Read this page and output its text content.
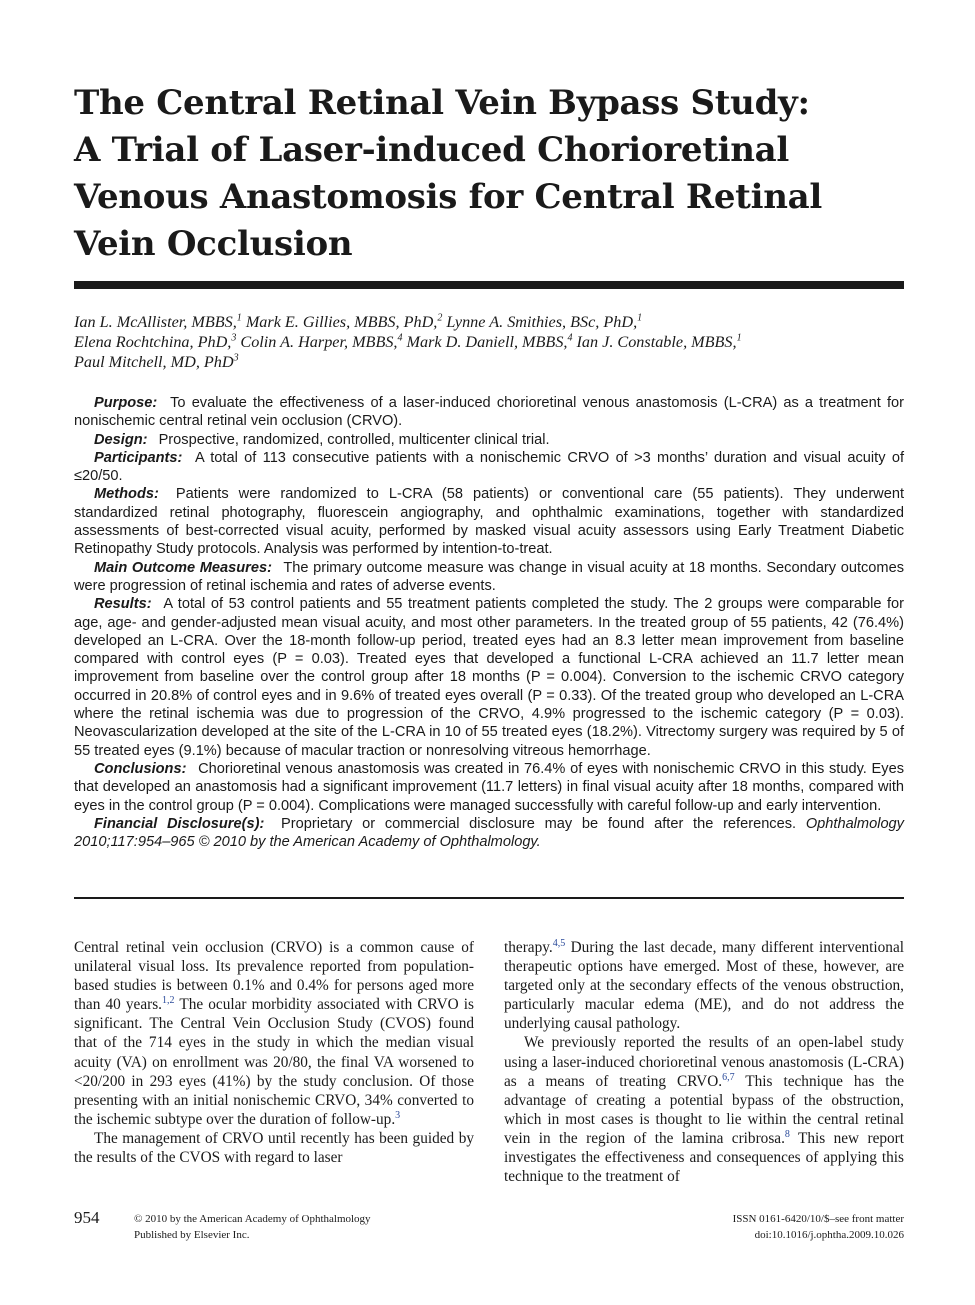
The Central Retinal Vein Bypass Study:
A Trial of Laser-induced Chorioretinal
Venous Anastomosis for Central Retinal
Vein Occlusion
Ian L. McAllister, MBBS,$^1$ Mark E. Gillies, MBBS, PhD,$^2$ Lynne A. Smithies, BSc, PhD,$^1$
Elena Rochtchina, PhD,$^3$ Colin A. Harper, MBBS,$^4$ Mark D. Daniell, MBBS,$^4$ Ian J. Constable, MBBS,$^1$
Paul Mitchell, MD, PhD$^3$

Purpose: To evaluate the effectiveness of a laser-induced chorioretinal venous anastomosis (L-CRA) as a treatment for nonischemic central retinal vein occlusion (CRVO).

Design: Prospective, randomized, controlled, multicenter clinical trial.

Participants: A total of 113 consecutive patients with a nonischemic CRVO of >3 months’ duration and visual acuity of ≤20/50.

Methods: Patients were randomized to L-CRA (58 patients) or conventional care (55 patients). They underwent standardized retinal photography, fluorescein angiography, and ophthalmic examinations, together with standardized assessments of best-corrected visual acuity, performed by masked visual acuity assessors using Early Treatment Diabetic Retinopathy Study protocols. Analysis was performed by intention-to-treat.

Main Outcome Measures: The primary outcome measure was change in visual acuity at 18 months. Secondary outcomes were progression of retinal ischemia and rates of adverse events.

Results: A total of 53 control patients and 55 treatment patients completed the study. The 2 groups were comparable for age, age- and gender-adjusted mean visual acuity, and most other parameters. In the treated group of 55 patients, 42 (76.4%) developed an L-CRA. Over the 18-month follow-up period, treated eyes had an 8.3 letter mean improvement from baseline compared with control eyes (P = 0.03). Treated eyes that developed a functional L-CRA achieved an 11.7 letter mean improvement from baseline over the control group after 18 months (P = 0.004). Conversion to the ischemic CRVO category occurred in 20.8% of control eyes and in 9.6% of treated eyes overall (P = 0.33). Of the treated group who developed an L-CRA where the retinal ischemia was due to progression of the CRVO, 4.9% progressed to the ischemic category (P = 0.03). Neovascularization developed at the site of the L-CRA in 10 of 55 treated eyes (18.2%). Vitrectomy surgery was required by 5 of 55 treated eyes (9.1%) because of macular traction or nonresolving vitreous hemorrhage.

Conclusions: Chorioretinal venous anastomosis was created in 76.4% of eyes with nonischemic CRVO in this study. Eyes that developed an anastomosis had a significant improvement (11.7 letters) in final visual acuity after 18 months, compared with eyes in the control group (P = 0.004). Complications were managed successfully with careful follow-up and early intervention.

Financial Disclosure(s): Proprietary or commercial disclosure may be found after the references. Ophthalmology 2010;117:954–965 © 2010 by the American Academy of Ophthalmology.

Central retinal vein occlusion (CRVO) is a common cause of unilateral visual loss. Its prevalence reported from population-based studies is between 0.1% and 0.4% for persons aged more than 40 years.$^{1,2}$ The ocular morbidity associated with CRVO is significant. The Central Vein Occlusion Study (CVOS) found that of the 714 eyes in the study in which the median visual acuity (VA) on enrollment was 20/80, the final VA worsened to <20/200 in 293 eyes (41%) by the study conclusion. Of those presenting with an initial nonischemic CRVO, 34% converted to the ischemic subtype over the duration of follow-up.$^3$

The management of CRVO until recently has been guided by the results of the CVOS with regard to laser

therapy.$^{4,5}$ During the last decade, many different interventional therapeutic options have emerged. Most of these, however, are targeted only at the secondary effects of the venous obstruction, particularly macular edema (ME), and do not address the underlying causal pathology.

We previously reported the results of an open-label study using a laser-induced chorioretinal venous anastomosis (L-CRA) as a means of treating CRVO.$^{6,7}$ This technique has the advantage of creating a potential bypass of the obstruction, which in most cases is thought to lie within the central retinal vein in the region of the lamina cribrosa.$^8$ This new report investigates the effectiveness and consequences of applying this technique to the treatment of

954	© 2010 by the American Academy of Ophthalmology
Published by Elsevier Inc.
ISSN 0161-6420/10/$–see front matter
doi:10.1016/j.ophtha.2009.10.026
